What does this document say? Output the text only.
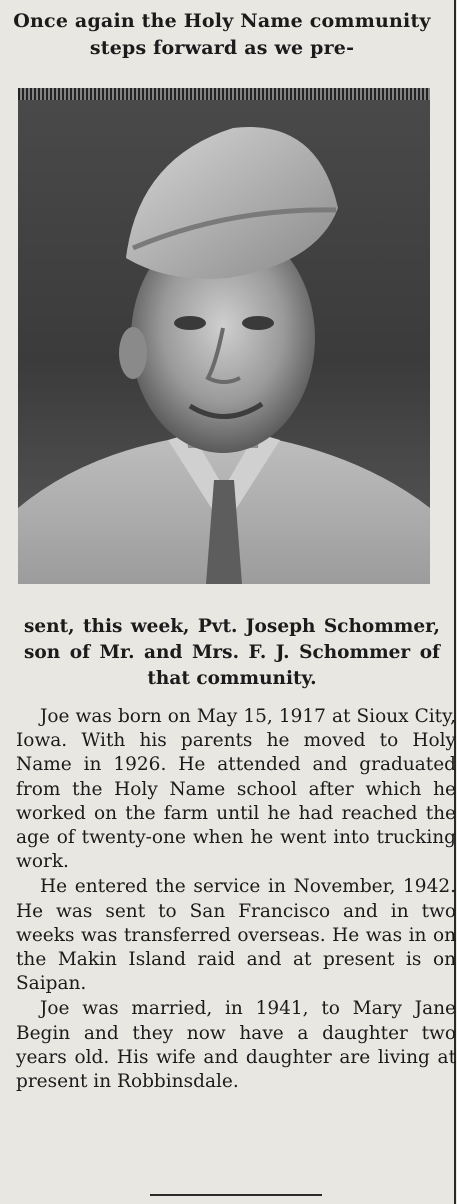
Once again the Holy Name community steps forward as we pre-
sent, this week, Pvt. Joseph Schommer, son of Mr. and Mrs. F. J. Schommer of that community.

Joe was born on May 15, 1917 at Sioux City, Iowa. With his parents he moved to Holy Name in 1926. He attended and graduated from the Holy Name school after which he worked on the farm until he had reached the age of twenty-one when he went into trucking work.

He entered the service in November, 1942. He was sent to San Francisco and in two weeks was transferred overseas. He was in on the Makin Island raid and at present is on Saipan.

Joe was married, in 1941, to Mary Jane Begin and they now have a daughter two years old. His wife and daughter are living at present in Robbinsdale.
